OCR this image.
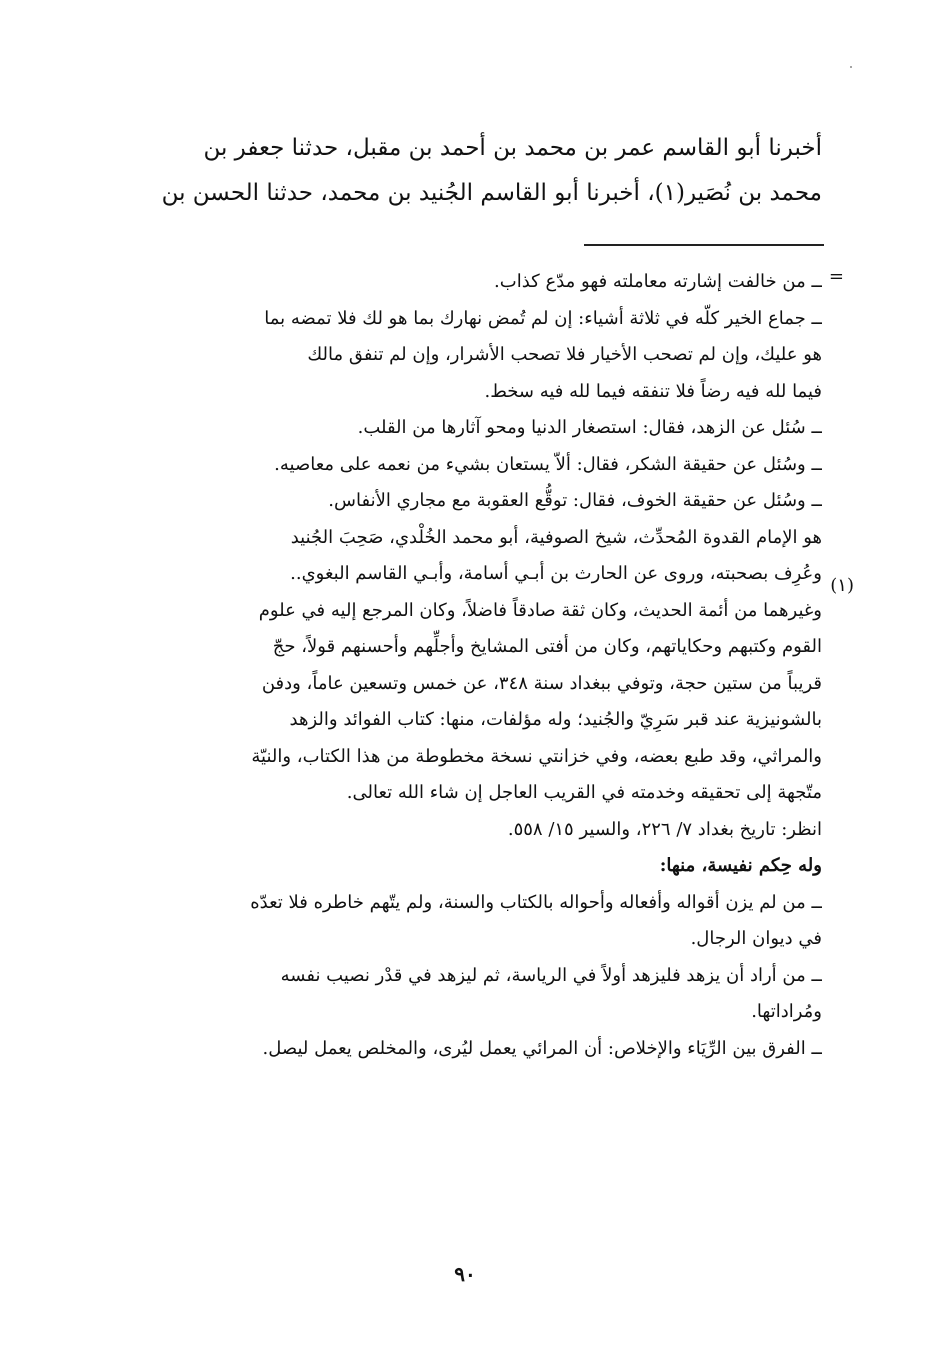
أخبرنا أبو القاسم عمر بن محمد بن أحمد بن مقبل، حدثنا جعفر بن
محمد بن نُصَير(١)، أخبرنا أبو القاسم الجُنيد بن محمد، حدثنا الحسن بن
=
(١)
ــ من خالفت إشارته معاملته فهو مدّع كذاب.
ــ جماع الخير كلّه في ثلاثة أشياء: إن لم تُمض نهارك بما هو لك فلا تمضه بما
هو عليك، وإن لم تصحب الأخيار فلا تصحب الأشرار، وإن لم تنفق مالك
فيما لله فيه رضاً فلا تنفقه فيما لله فيه سخط.
ــ سُئل عن الزهد، فقال: استصغار الدنيا ومحو آثارها من القلب.
ــ وسُئل عن حقيقة الشكر، فقال: ألاّ يستعان بشيء من نعمه على معاصيه.
ــ وسُئل عن حقيقة الخوف، فقال: توقُّع العقوبة مع مجاري الأنفاس.
هو الإمام القدوة المُحدِّث، شيخ الصوفية، أبو محمد الخُلْدي، صَحِبَ الجُنيد
وعُرِف بصحبته، وروى عن الحارث بن أبـي أسامة، وأبـي القاسم البغوي..
وغيرهما من أئمة الحديث، وكان ثقة صادقاً فاضلاً، وكان المرجع إليه في علوم
القوم وكتبهم وحكاياتهم، وكان من أفتى المشايخ وأجلِّهم وأحسنهم قولاً، حجّ
قريباً من ستين حجة، وتوفي ببغداد سنة ٣٤٨، عن خمس وتسعين عاماً، ودفن
بالشونيزية عند قبر سَرِيّ والجُنيد؛ وله مؤلفات، منها: كتاب الفوائد والزهد
والمراثي، وقد طبع بعضه، وفي خزانتي نسخة مخطوطة من هذا الكتاب، والنيّة
متّجهة إلى تحقيقه وخدمته في القريب العاجل إن شاء الله تعالى.
انظر: تاريخ بغداد ٧/ ٢٢٦، والسير ١٥/ ٥٥٨.
وله حِكم نفيسة، منها:
ــ من لم يزن أقواله وأفعاله وأحواله بالكتاب والسنة، ولم يتّهم خاطره فلا تعدّه
في ديوان الرجال.
ــ من أراد أن يزهد فليزهد أولاً في الرياسة، ثم ليزهد في قدْر نصيب نفسه
ومُراداتها.
ــ الفرق بين الرِّيَاء والإخلاص: أن المرائي يعمل ليُرى، والمخلص يعمل ليصل.
٩٠
